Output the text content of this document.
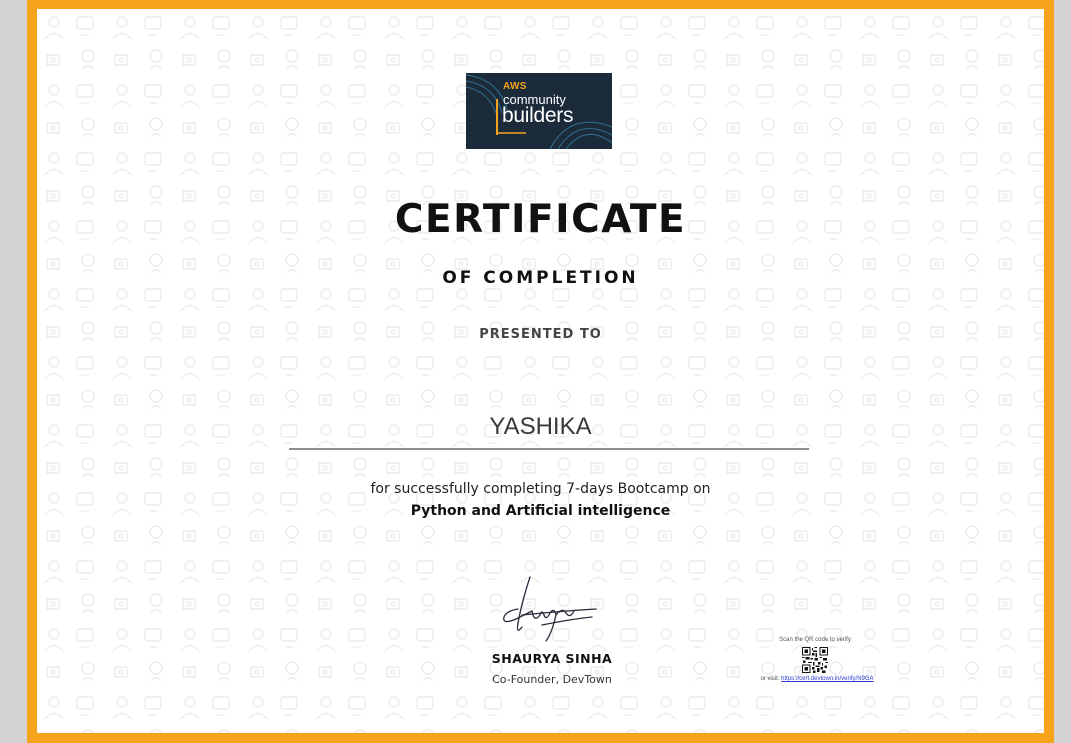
AWS
community
builders
CERTIFICATE
OF COMPLETION
PRESENTED TO
YASHIKA
for successfully completing 7-days Bootcamp on
Python and Artificial intelligence
SHAURYA SINHA
Co-Founder, DevTown
Scan the QR code to verify
or visit: https://cert.devtown.in/verify/N9GA
